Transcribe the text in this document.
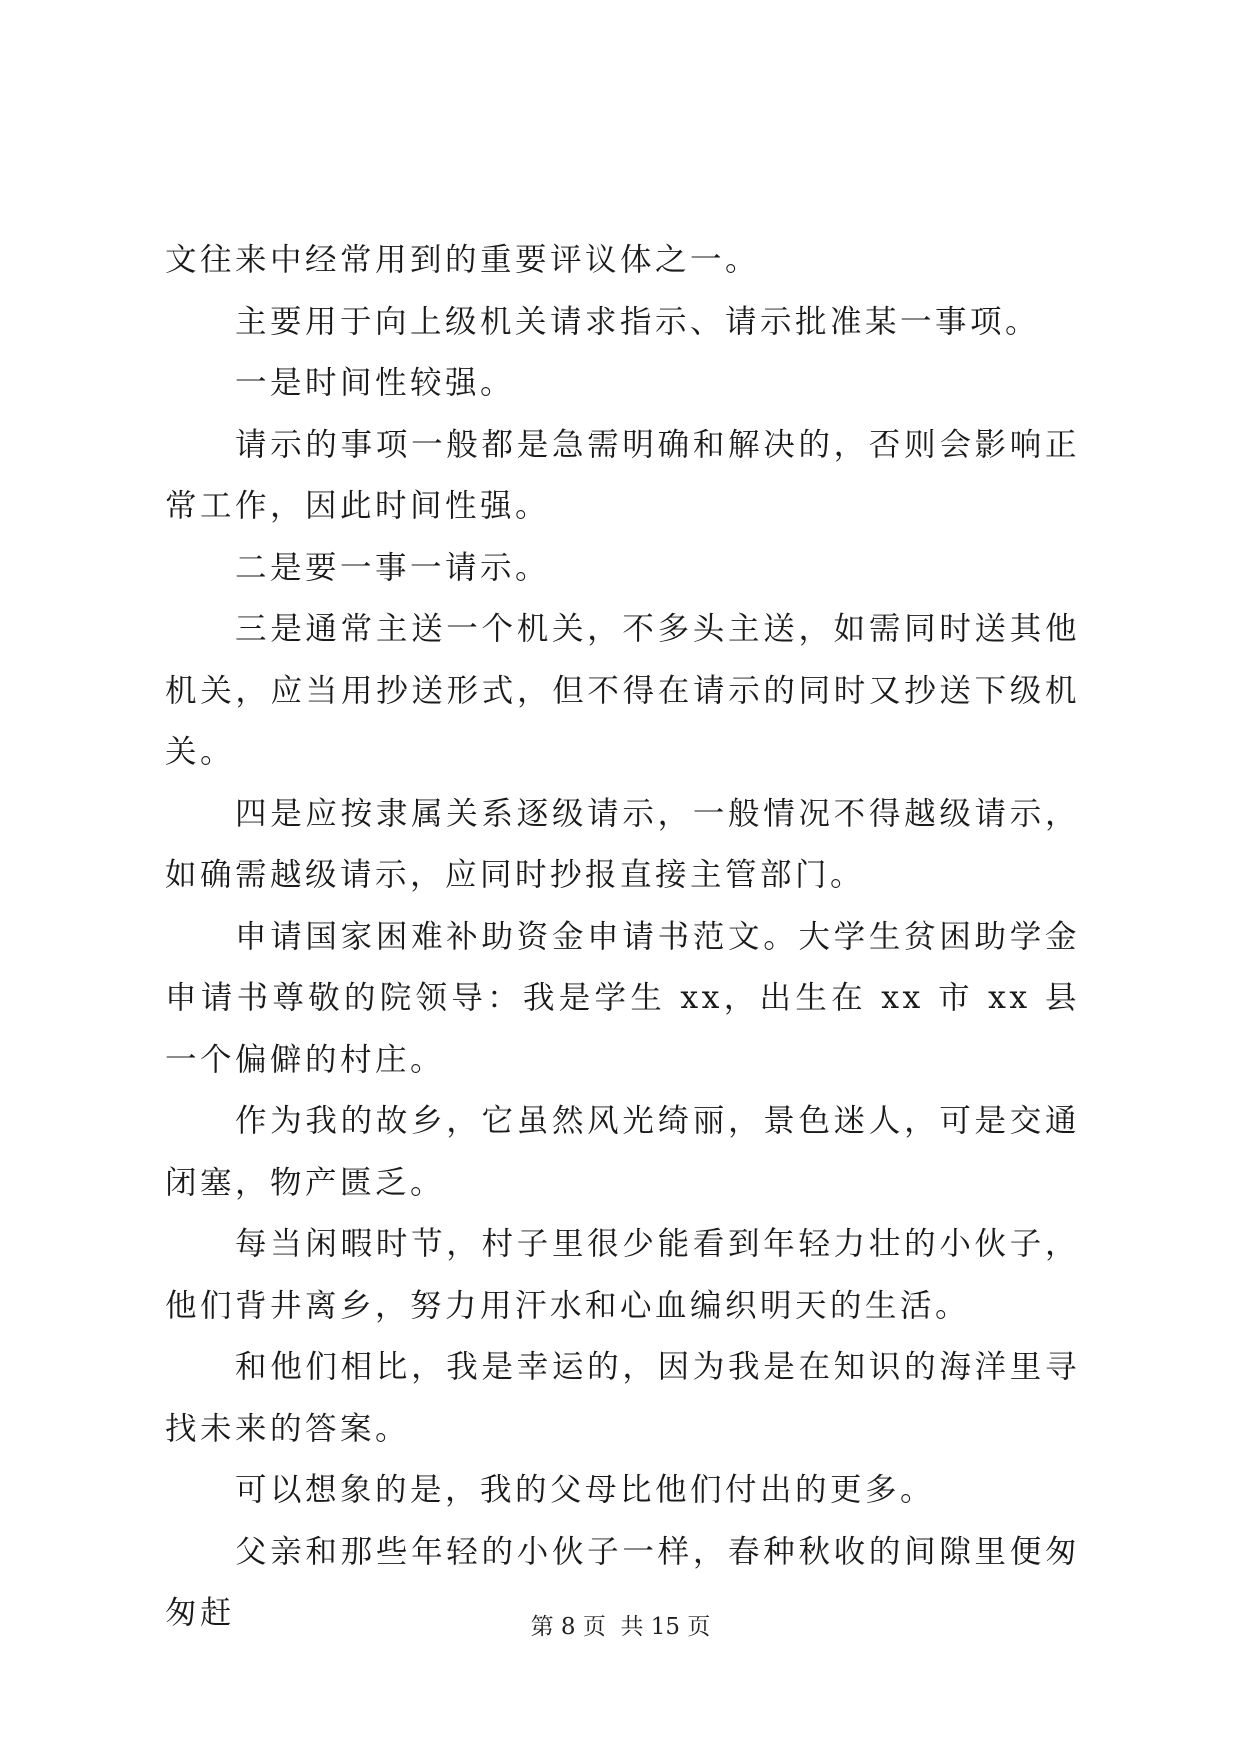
文往来中经常用到的重要评议体之一。

主要用于向上级机关请求指示、请示批准某一事项。

一是时间性较强。

请示的事项一般都是急需明确和解决的，否则会影响正常工作，因此时间性强。

二是要一事一请示。

三是通常主送一个机关，不多头主送，如需同时送其他机关，应当用抄送形式，但不得在请示的同时又抄送下级机关。

四是应按隶属关系逐级请示，一般情况不得越级请示，如确需越级请示，应同时抄报直接主管部门。

申请国家困难补助资金申请书范文。大学生贫困助学金申请书尊敬的院领导：我是学生 xx，出生在 xx 市 xx 县一个偏僻的村庄。

作为我的故乡，它虽然风光绮丽，景色迷人，可是交通闭塞，物产匮乏。

每当闲暇时节，村子里很少能看到年轻力壮的小伙子，他们背井离乡，努力用汗水和心血编织明天的生活。

和他们相比，我是幸运的，因为我是在知识的海洋里寻找未来的答案。

可以想象的是，我的父母比他们付出的更多。

父亲和那些年轻的小伙子一样，春种秋收的间隙里便匆匆赶	第 8 页  共 15 页
